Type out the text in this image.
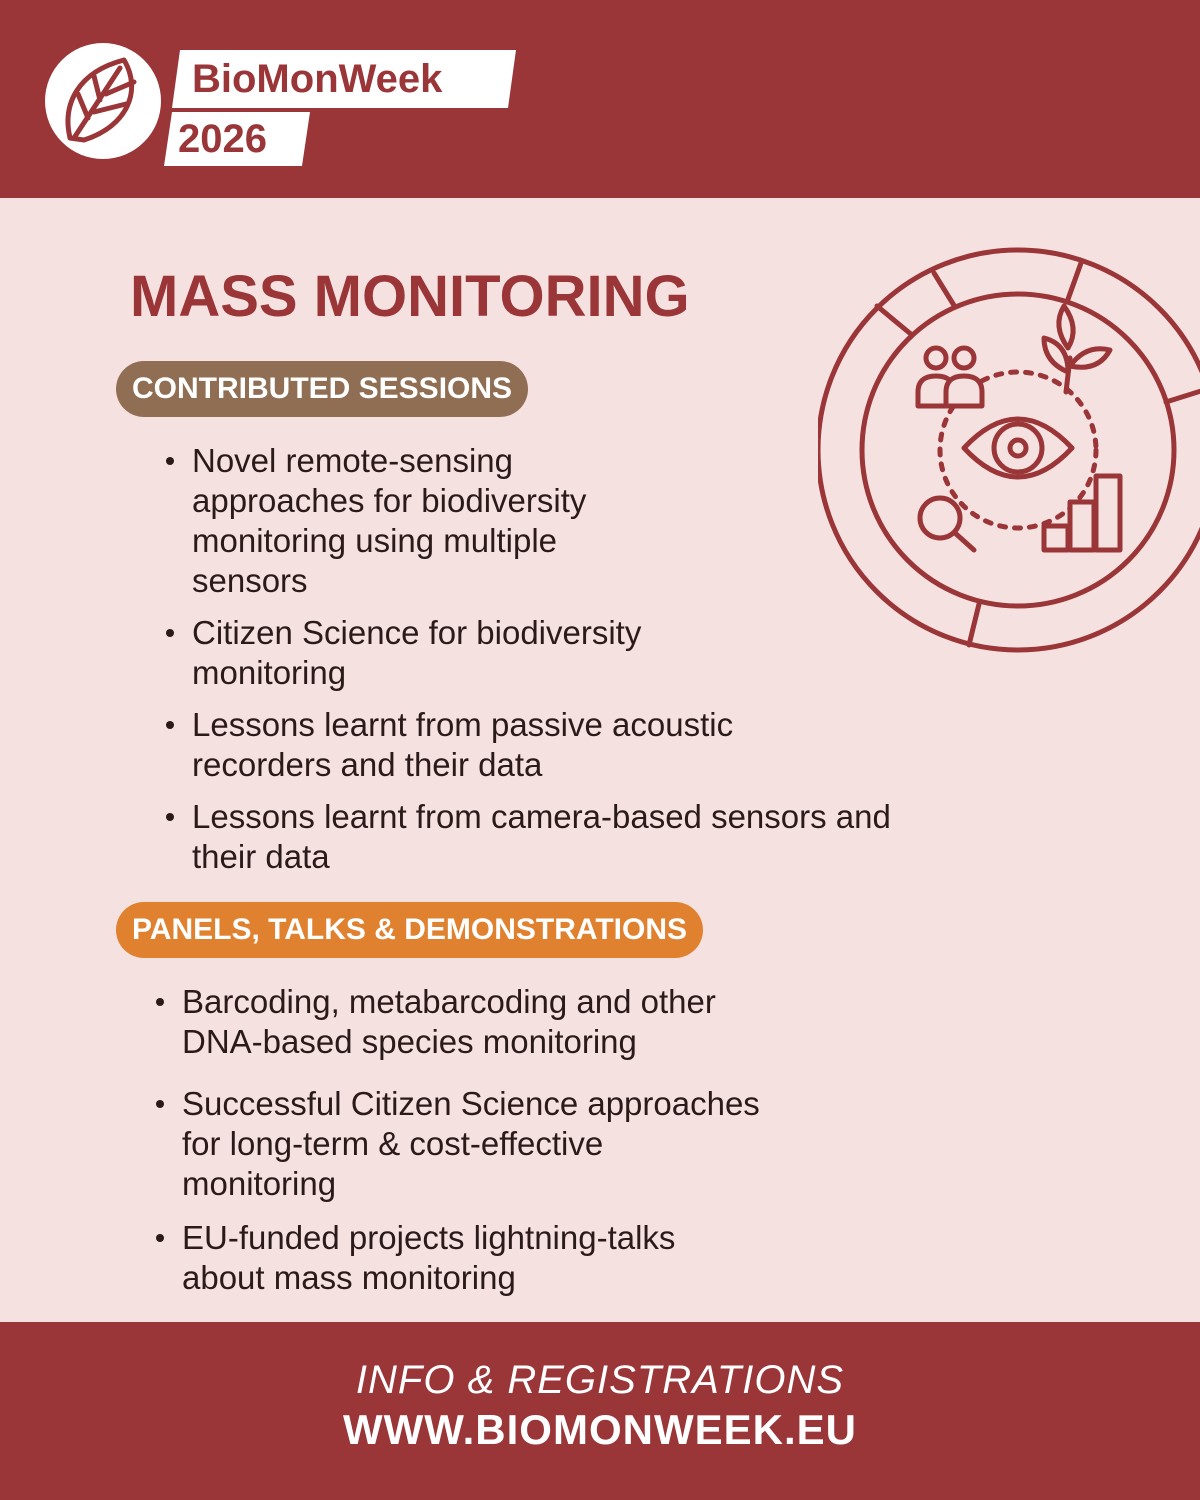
BioMonWeek
2026
MASS MONITORING
CONTRIBUTED SESSIONS
Novel remote-sensing
approaches for biodiversity
monitoring using multiple
sensors
Citizen Science for biodiversity
monitoring
Lessons learnt from passive acoustic
recorders and their data
Lessons learnt from camera-based sensors and
their data
PANELS, TALKS & DEMONSTRATIONS
Barcoding, metabarcoding and other
DNA-based species monitoring
Successful Citizen Science approaches
for long-term & cost-effective
monitoring
EU-funded projects lightning-talks
about mass monitoring
INFO & REGISTRATIONS
WWW.BIOMONWEEK.EU
